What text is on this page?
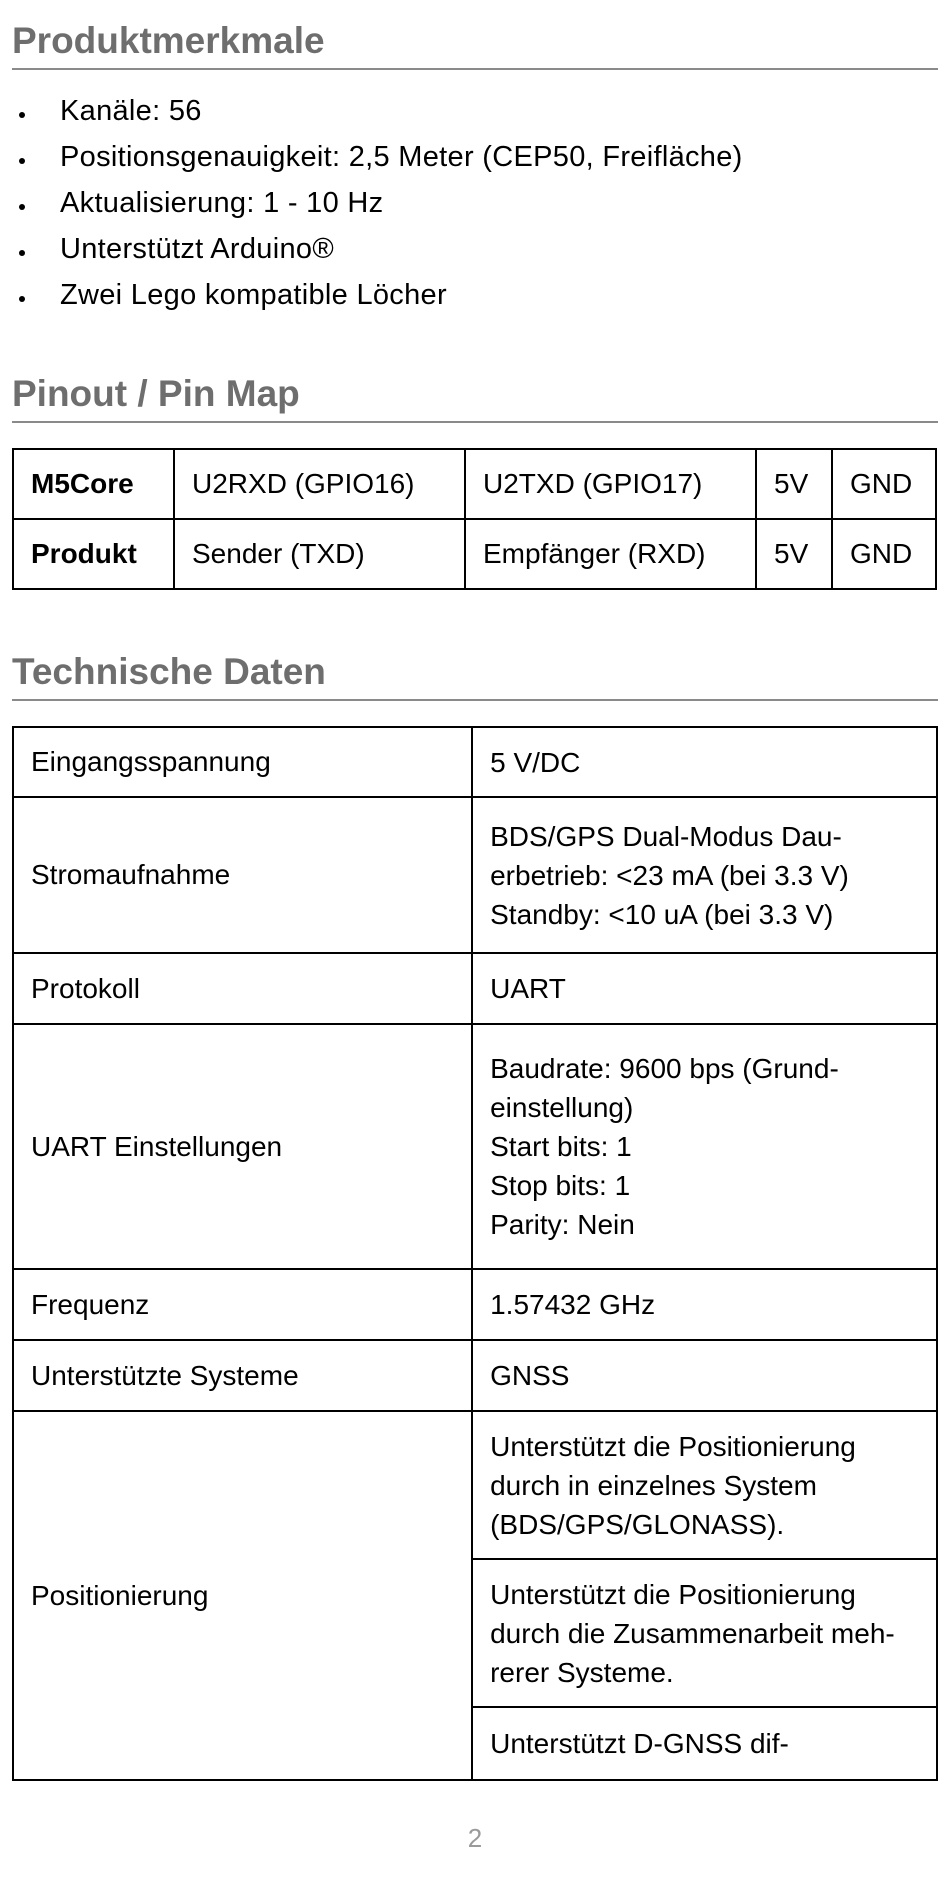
Produktmerkmale
Kanäle: 56
Positionsgenauigkeit: 2,5 Meter (CEP50, Freifläche)
Aktualisierung: 1 - 10 Hz
Unterstützt Arduino®
Zwei Lego kompatible Löcher
Pinout / Pin Map
M5Core	U2RXD (GPIO16)	U2TXD (GPIO17)	5V	GND
Produkt	Sender (TXD)	Empfänger (RXD)	5V	GND
Technische Daten
Eingangsspannung	5 V/DC
Stromaufnahme	BDS/GPS Dual-Modus Dau-
erbetrieb: <23 mA (bei 3.3 V)
Standby: <10 uA (bei 3.3 V)

Protokoll	UART
UART Einstellungen	Baudrate: 9600 bps (Grund-
einstellung)
Start bits: 1
Stop bits: 1
Parity: Nein

Frequenz	1.57432 GHz
Unterstützte Systeme	GNSS
Positionierung	Unterstützt die Positionierung
durch in einzelnes System
(BDS/GPS/GLONASS).

	Unterstützt die Positionierung
durch die Zusammenarbeit meh-
rerer Systeme.

	Unterstützt D-GNSS dif-
2
